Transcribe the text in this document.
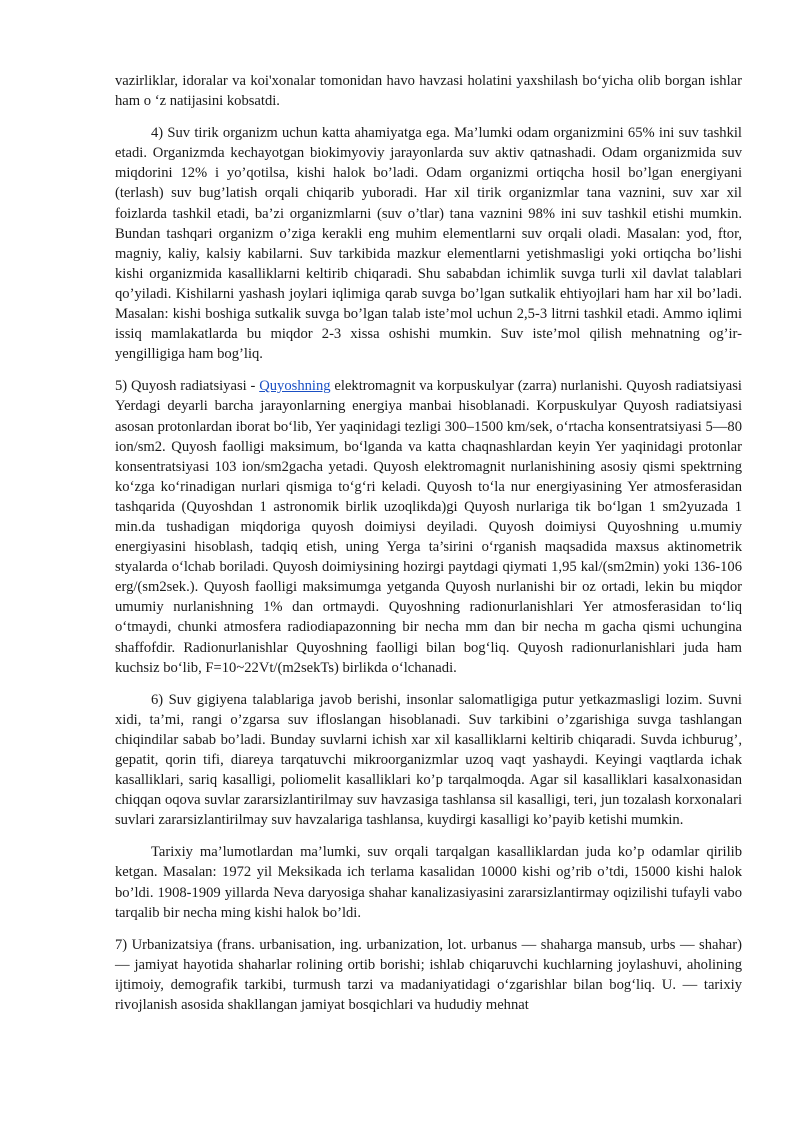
vazirliklar, idoralar va koi'xonalar tomonidan havo havzasi holatini yaxshilash bo‘yicha olib borgan ishlar ham o ‘z natijasini kobsatdi.

4) Suv tirik organizm uchun katta ahamiyatga ega. Ma’lumki odam organizmini 65% ini suv tashkil etadi. Organizmda kechayotgan biokimyoviy jarayonlarda suv aktiv qatnashadi. Odam organizmida suv miqdorini 12% i yo’qotilsa, kishi halok bo’ladi. Odam organizmi ortiqcha hosil bo’lgan energiyani (terlash) suv bug’latish orqali chiqarib yuboradi. Har xil tirik organizmlar tana vaznini, suv xar xil foizlarda tashkil etadi, ba’zi organizmlarni (suv o’tlar) tana vaznini 98% ini suv tashkil etishi mumkin. Bundan tashqari organizm o’ziga kerakli eng muhim elementlarni suv orqali oladi. Masalan: yod, ftor, magniy, kaliy, kalsiy kabilarni. Suv tarkibida mazkur elementlarni yetishmasligi yoki ortiqcha bo’lishi kishi organizmida kasalliklarni keltirib chiqaradi. Shu sababdan ichimlik suvga turli xil davlat talablari qo’yiladi. Kishilarni yashash joylari iqlimiga qarab suvga bo’lgan sutkalik ehtiyojlari ham har xil bo’ladi. Masalan: kishi boshiga sutkalik suvga bo’lgan talab iste’mol uchun 2,5-3 litrni tashkil etadi. Ammo iqlimi issiq mamlakatlarda bu miqdor 2-3 xissa oshishi mumkin. Suv iste’mol qilish mehnatning og’ir-yengilligiga ham bog’liq.

5) Quyosh radiatsiyasi - Quyoshning elektromagnit va korpuskulyar (zarra) nurlanishi. Quyosh radiatsiyasi Yerdagi deyarli barcha jarayonlarning energiya manbai hisoblanadi. Korpuskulyar Quyosh radiatsiyasi asosan protonlardan iborat bo‘lib, Yer yaqinidagi tezligi 300–1500 km/sek, o‘rtacha konsentratsiyasi 5—80 ion/sm2. Quyosh faolligi maksimum, bo‘lganda va katta chaqnashlardan keyin Yer yaqinidagi protonlar konsentratsiyasi 103 ion/sm2gacha yetadi. Quyosh elektromagnit nurlanishining asosiy qismi spektrning ko‘zga ko‘rinadigan nurlari qismiga to‘g‘ri keladi. Quyosh to‘la nur energiyasining Yer atmosferasidan tashqarida (Quyoshdan 1 astronomik birlik uzoqlikda)gi Quyosh nurlariga tik bo‘lgan 1 sm2yuzada 1 min.da tushadigan miqdoriga quyosh doimiysi deyiladi. Quyosh doimiysi Quyoshning u.mumiy energiyasini hisoblash, tadqiq etish, uning Yerga ta’sirini o‘rganish maqsadida maxsus aktinometrik styalarda o‘lchab boriladi. Quyosh doimiysining hozirgi paytdagi qiymati 1,95 kal/(sm2min) yoki 136-106 erg/(sm2sek.). Quyosh faolligi maksimumga yetganda Quyosh nurlanishi bir oz ortadi, lekin bu miqdor umumiy nurlanishning 1% dan ortmaydi. Quyoshning radionurlanishlari Yer atmosferasidan to‘liq o‘tmaydi, chunki atmosfera radiodiapazonning bir necha mm dan bir necha m gacha qismi uchungina shaffofdir. Radionurlanishlar Quyoshning faolligi bilan bog‘liq. Quyosh radionurlanishlari juda ham kuchsiz bo‘lib, F=10~22Vt/(m2sekTs) birlikda o‘lchanadi.

6) Suv gigiyena talablariga javob berishi, insonlar salomatligiga putur yetkazmasligi lozim. Suvni xidi, ta’mi, rangi o’zgarsa suv ifloslangan hisoblanadi. Suv tarkibini o’zgarishiga suvga tashlangan chiqindilar sabab bo’ladi. Bunday suvlarni ichish xar xil kasalliklarni keltirib chiqaradi. Suvda ichburug’, gepatit, qorin tifi, diareya tarqatuvchi mikroorganizmlar uzoq vaqt yashaydi. Keyingi vaqtlarda ichak kasalliklari, sariq kasalligi, poliomelit kasalliklari ko’p tarqalmoqda. Agar sil kasalliklari kasalxonasidan chiqqan oqova suvlar zararsizlantirilmay suv havzasiga tashlansa sil kasalligi, teri, jun tozalash korxonalari suvlari zararsizlantirilmay suv havzalariga tashlansa, kuydirgi kasalligi ko’payib ketishi mumkin.

Tarixiy ma’lumotlardan ma’lumki, suv orqali tarqalgan kasalliklardan juda ko’p odamlar qirilib ketgan. Masalan: 1972 yil Meksikada ich terlama kasalidan 10000 kishi og’rib o’tdi, 15000 kishi halok bo’ldi. 1908-1909 yillarda Neva daryosiga shahar kanalizasiyasini zararsizlantirmay oqizilishi tufayli vabo tarqalib bir necha ming kishi halok bo’ldi.

7) Urbanizatsiya (frans. urbanisation, ing. urbanization, lot. urbanus — shaharga mansub, urbs — shahar) — jamiyat hayotida shaharlar rolining ortib borishi; ishlab chiqaruvchi kuchlarning joylashuvi, aholining ijtimoiy, demografik tarkibi, turmush tarzi va madaniyatidagi o‘zgarishlar bilan bog‘liq. U. — tarixiy rivojlanish asosida shakllangan jamiyat bosqichlari va hududiy mehnat
